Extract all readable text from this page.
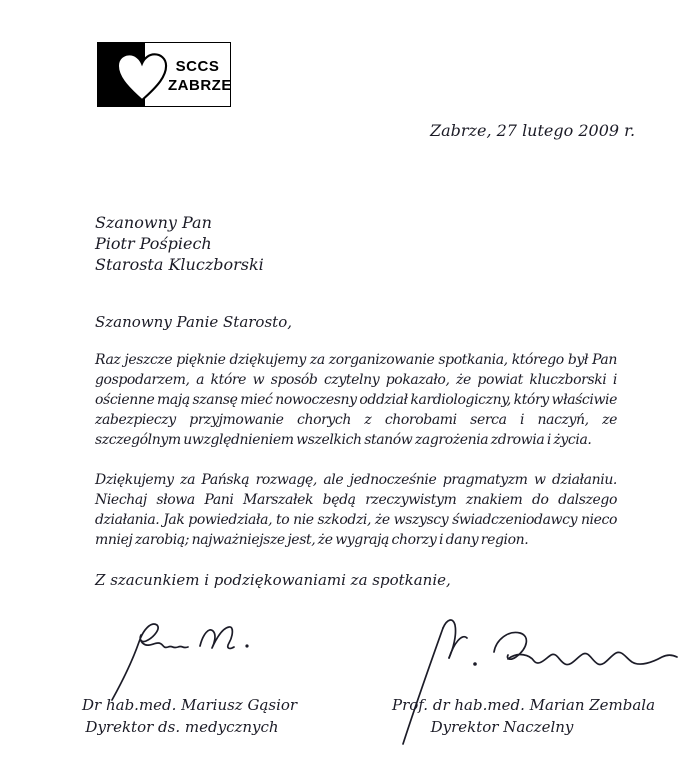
SCCS
ZABRZE
Zabrze, 27 lutego 2009 r.
Szanowny Pan
Piotr Pośpiech
Starosta Kluczborski
Szanowny Panie Starosto,
Raz jeszcze pięknie dziękujemy za zorganizowanie spotkania, którego był Pan gospodarzem, a które w sposób czytelny pokazało, że powiat kluczborski i ościenne mają szansę mieć nowoczesny oddział kardiologiczny, który właściwie zabezpieczy przyjmowanie chorych z chorobami serca i naczyń, ze szczególnym uwzględnieniem wszelkich stanów zagrożenia zdrowia i życia.
Dziękujemy za Pańską rozwagę, ale jednocześnie pragmatyzm w działaniu. Niechaj słowa Pani Marszałek będą rzeczywistym znakiem do dalszego działania. Jak powiedziała, to nie szkodzi, że wszyscy świadczeniodawcy nieco mniej zarobią; najważniejsze jest, że wygrają chorzy i dany region.
Z szacunkiem i podziękowaniami za spotkanie,
Dr hab.med. Mariusz Gąsior
Dyrektor ds. medycznych
Prof. dr hab.med. Marian Zembala
Dyrektor Naczelny
